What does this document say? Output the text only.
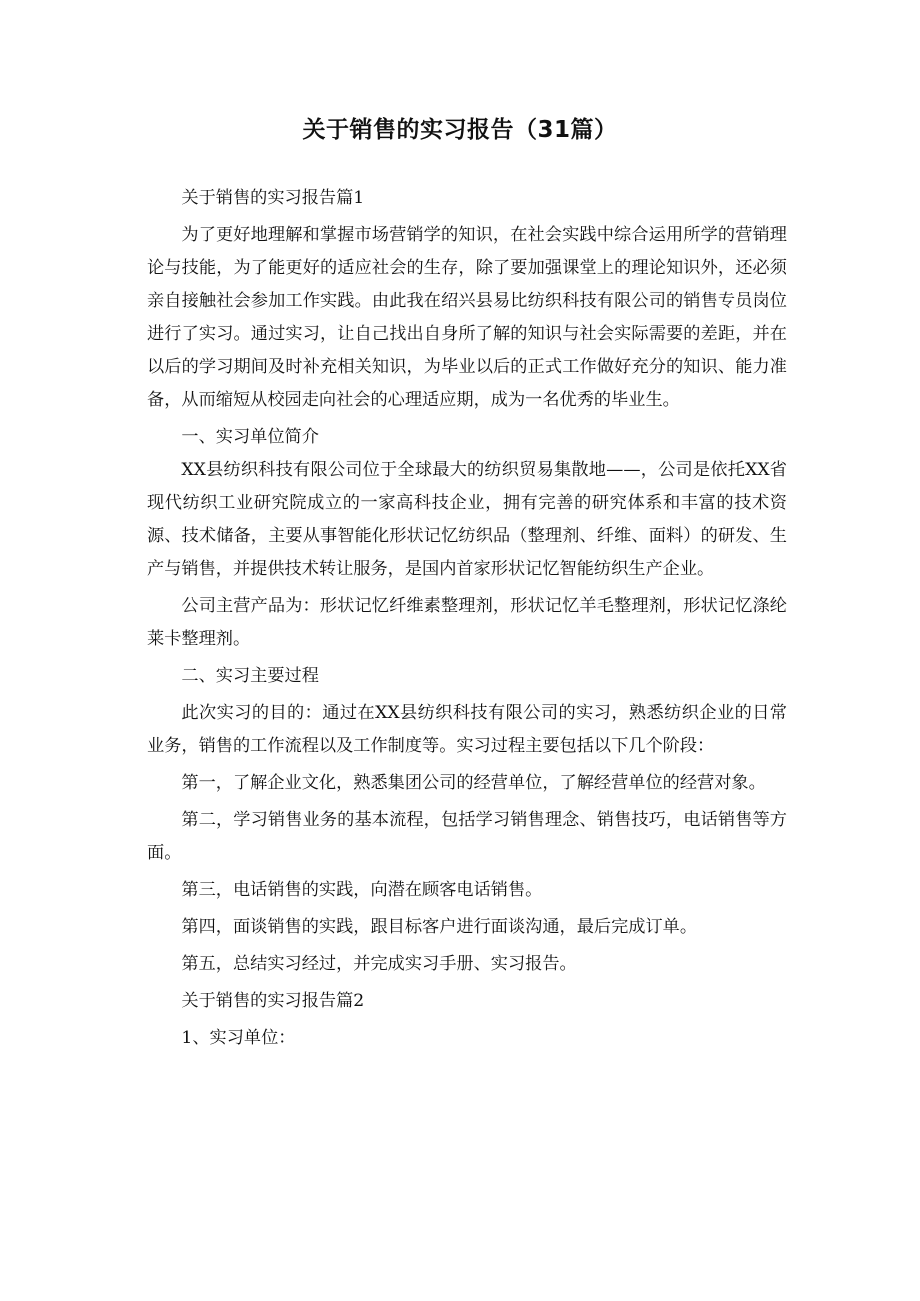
关于销售的实习报告（31篇）

关于销售的实习报告篇1

为了更好地理解和掌握市场营销学的知识，在社会实践中综合运用所学的营销理论与技能，为了能更好的适应社会的生存，除了要加强课堂上的理论知识外，还必须亲自接触社会参加工作实践。由此我在绍兴县易比纺织科技有限公司的销售专员岗位进行了实习。通过实习，让自己找出自身所了解的知识与社会实际需要的差距，并在以后的学习期间及时补充相关知识，为毕业以后的正式工作做好充分的知识、能力准备，从而缩短从校园走向社会的心理适应期，成为一名优秀的毕业生。

一、实习单位简介

XX县纺织科技有限公司位于全球最大的纺织贸易集散地——，公司是依托XX省现代纺织工业研究院成立的一家高科技企业，拥有完善的研究体系和丰富的技术资源、技术储备，主要从事智能化形状记忆纺织品（整理剂、纤维、面料）的研发、生产与销售，并提供技术转让服务，是国内首家形状记忆智能纺织生产企业。

公司主营产品为：形状记忆纤维素整理剂，形状记忆羊毛整理剂，形状记忆涤纶莱卡整理剂。

二、实习主要过程

此次实习的目的：通过在XX县纺织科技有限公司的实习，熟悉纺织企业的日常业务，销售的工作流程以及工作制度等。实习过程主要包括以下几个阶段：

第一，了解企业文化，熟悉集团公司的经营单位，了解经营单位的经营对象。

第二，学习销售业务的基本流程，包括学习销售理念、销售技巧，电话销售等方面。

第三，电话销售的实践，向潜在顾客电话销售。

第四，面谈销售的实践，跟目标客户进行面谈沟通，最后完成订单。

第五，总结实习经过，并完成实习手册、实习报告。

关于销售的实习报告篇2

1、实习单位：
